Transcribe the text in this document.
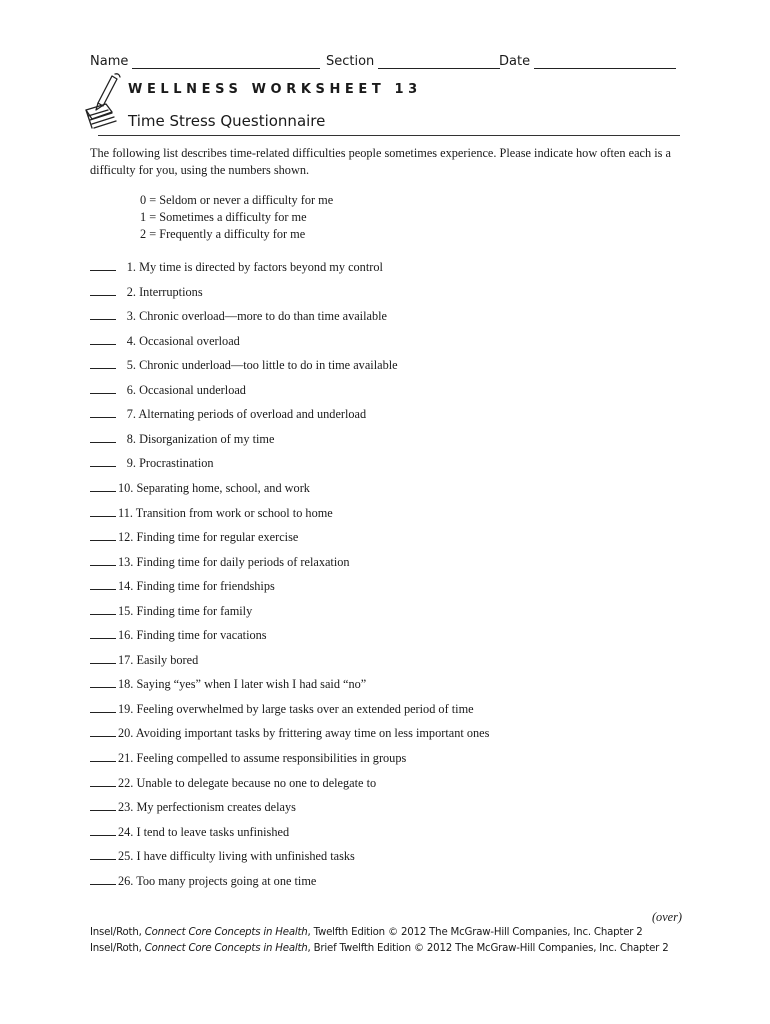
Name	Section	Date
WELLNESS WORKSHEET 13
Time Stress Questionnaire
The following list describes time-related difficulties people sometimes experience. Please indicate how often each is a difficulty for you, using the numbers shown.
0 = Seldom or never a difficulty for me
1 = Sometimes a difficulty for me
2 = Frequently a difficulty for me
1. My time is directed by factors beyond my control
2. Interruptions
3. Chronic overload—more to do than time available
4. Occasional overload
5. Chronic underload—too little to do in time available
6. Occasional underload
7. Alternating periods of overload and underload
8. Disorganization of my time
9. Procrastination
10. Separating home, school, and work
11. Transition from work or school to home
12. Finding time for regular exercise
13. Finding time for daily periods of relaxation
14. Finding time for friendships
15. Finding time for family
16. Finding time for vacations
17. Easily bored
18. Saying “yes” when I later wish I had said “no”
19. Feeling overwhelmed by large tasks over an extended period of time
20. Avoiding important tasks by frittering away time on less important ones
21. Feeling compelled to assume responsibilities in groups
22. Unable to delegate because no one to delegate to
23. My perfectionism creates delays
24. I tend to leave tasks unfinished
25. I have difficulty living with unfinished tasks
26. Too many projects going at one time
(over)
Insel/Roth, Connect Core Concepts in Health, Twelfth Edition © 2012 The McGraw-Hill Companies, Inc. Chapter 2
Insel/Roth, Connect Core Concepts in Health, Brief Twelfth Edition © 2012 The McGraw-Hill Companies, Inc. Chapter 2
